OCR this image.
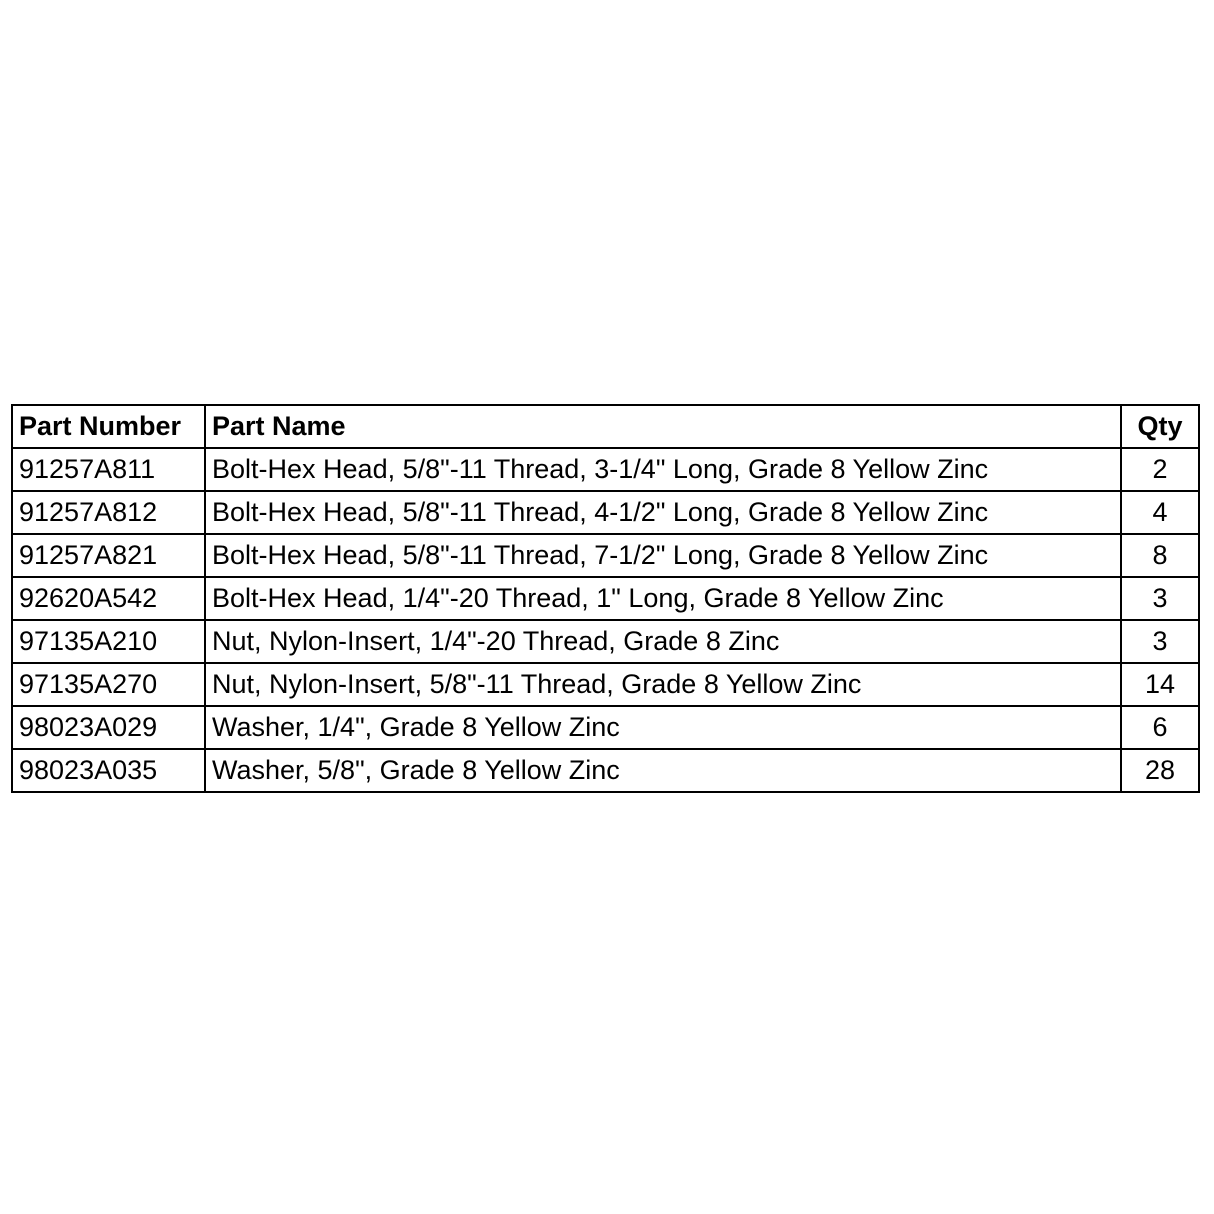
Part Number	Part Name	Qty
91257A811	Bolt-Hex Head, 5/8"-11 Thread, 3-1/4" Long, Grade 8 Yellow Zinc	2
91257A812	Bolt-Hex Head, 5/8"-11 Thread, 4-1/2" Long, Grade 8 Yellow Zinc	4
91257A821	Bolt-Hex Head, 5/8"-11 Thread, 7-1/2" Long, Grade 8 Yellow Zinc	8
92620A542	Bolt-Hex Head, 1/4"-20 Thread, 1" Long, Grade 8 Yellow Zinc	3
97135A210	Nut, Nylon-Insert, 1/4"-20 Thread, Grade 8 Zinc	3
97135A270	Nut, Nylon-Insert, 5/8"-11 Thread, Grade 8 Yellow Zinc	14
98023A029	Washer, 1/4", Grade 8 Yellow Zinc	6
98023A035	Washer, 5/8", Grade 8 Yellow Zinc	28
